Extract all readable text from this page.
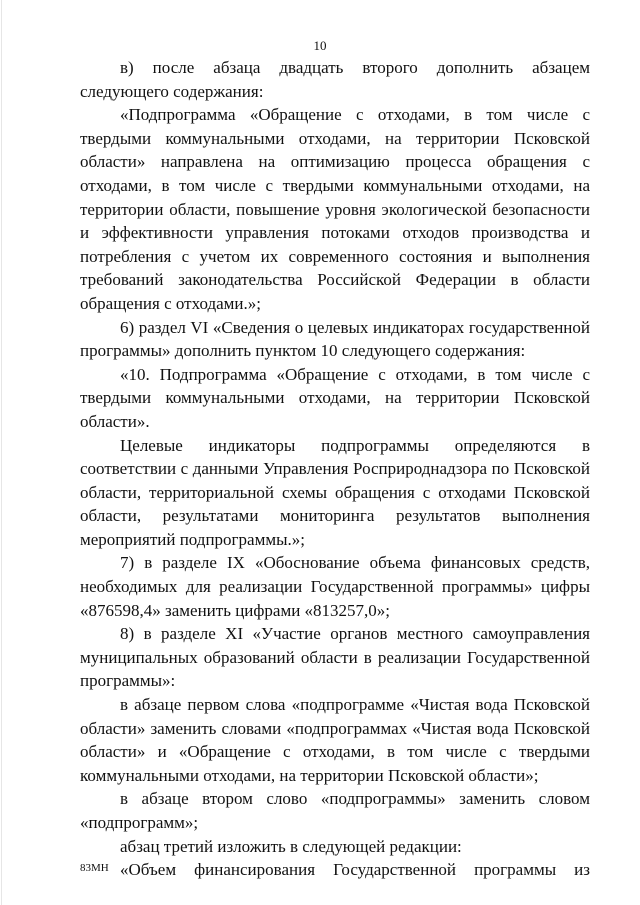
10

в) после абзаца двадцать второго дополнить абзацем следующего содержания:

«Подпрограмма «Обращение с отходами, в том числе с твердыми коммунальными отходами, на территории Псковской области» направлена на оптимизацию процесса обращения с отходами, в том числе с твердыми коммунальными отходами, на территории области, повышение уровня экологической безопасности и эффективности управления потоками отходов производства и потребления с учетом их современного состояния и выполнения требований законодательства Российской Федерации в области обращения с отходами.»;

6) раздел VI «Сведения о целевых индикаторах государственной программы» дополнить пунктом 10 следующего содержания:

«10. Подпрограмма «Обращение с отходами, в том числе с твердыми коммунальными отходами, на территории Псковской области».

Целевые индикаторы подпрограммы определяются в соответствии с данными Управления Росприроднадзора по Псковской области, территориальной схемы обращения с отходами Псковской области, результатами мониторинга результатов выполнения мероприятий подпрограммы.»;

7) в разделе IX «Обоснование объема финансовых средств, необходимых для реализации Государственной программы» цифры «876598,4» заменить цифрами «813257,0»;

8) в разделе XI «Участие органов местного самоуправления муниципальных образований области в реализации Государственной программы»:

в абзаце первом слова «подпрограмме «Чистая вода Псковской области» заменить словами «подпрограммах «Чистая вода Псковской области» и «Обращение с отходами, в том числе с твердыми коммунальными отходами, на территории Псковской области»;

в абзаце втором слово «подпрограммы» заменить словом «подпрограмм»;

абзац третий изложить в следующей редакции:

«Объем финансирования Государственной программы из

83МН
